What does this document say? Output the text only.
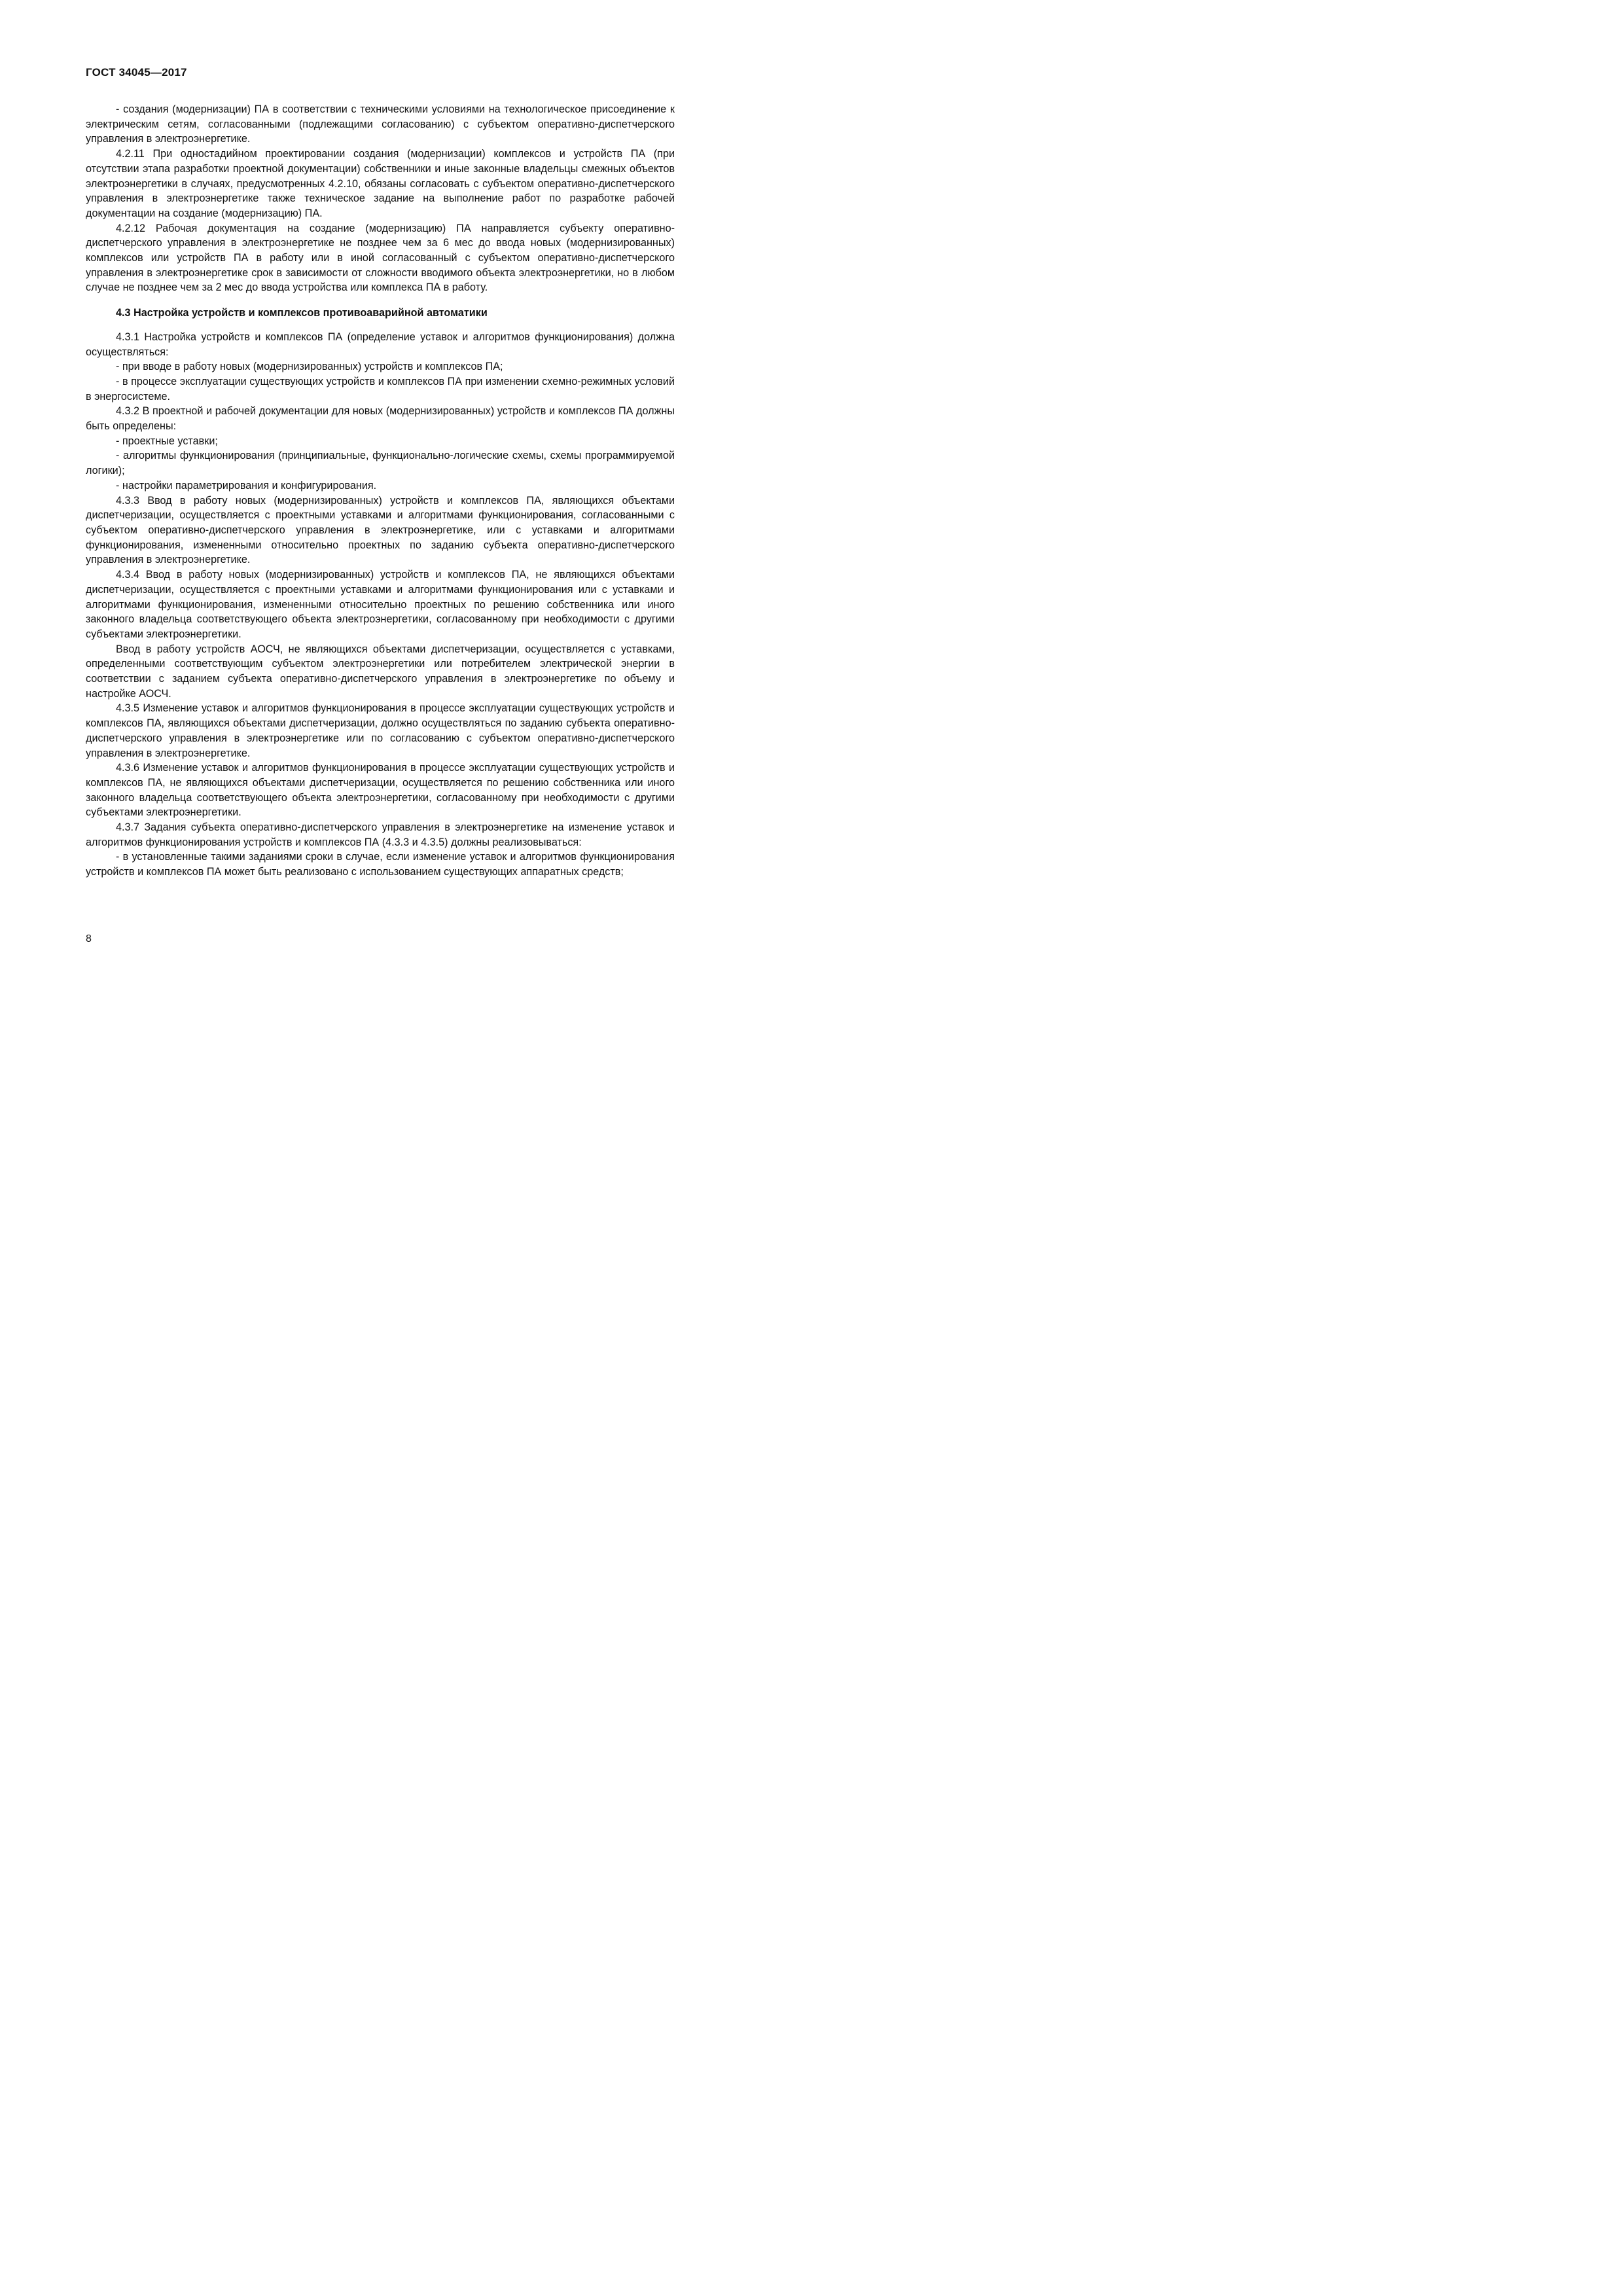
ГОСТ 34045—2017

- создания (модернизации) ПА в соответствии с техническими условиями на технологическое присоединение к электрическим сетям, согласованными (подлежащими согласованию) с субъектом оперативно-диспетчерского управления в электроэнергетике.

4.2.11 При одностадийном проектировании создания (модернизации) комплексов и устройств ПА (при отсутствии этапа разработки проектной документации) собственники и иные законные владельцы смежных объектов электроэнергетики в случаях, предусмотренных 4.2.10, обязаны согласовать с субъектом оперативно-диспетчерского управления в электроэнергетике также техническое задание на выполнение работ по разработке рабочей документации на создание (модернизацию) ПА.

4.2.12 Рабочая документация на создание (модернизацию) ПА направляется субъекту оперативно-диспетчерского управления в электроэнергетике не позднее чем за 6 мес до ввода новых (модернизированных) комплексов или устройств ПА в работу или в иной согласованный с субъектом оперативно-диспетчерского управления в электроэнергетике срок в зависимости от сложности вводимого объекта электроэнергетики, но в любом случае не позднее чем за 2 мес до ввода устройства или комплекса ПА в работу.

4.3 Настройка устройств и комплексов противоаварийной автоматики

4.3.1 Настройка устройств и комплексов ПА (определение уставок и алгоритмов функционирования) должна осуществляться:

- при вводе в работу новых (модернизированных) устройств и комплексов ПА;

- в процессе эксплуатации существующих устройств и комплексов ПА при изменении схемно-режимных условий в энергосистеме.

4.3.2 В проектной и рабочей документации для новых (модернизированных) устройств и комплексов ПА должны быть определены:

- проектные уставки;

- алгоритмы функционирования (принципиальные, функционально-логические схемы, схемы программируемой логики);

- настройки параметрирования и конфигурирования.

4.3.3 Ввод в работу новых (модернизированных) устройств и комплексов ПА, являющихся объектами диспетчеризации, осуществляется с проектными уставками и алгоритмами функционирования, согласованными с субъектом оперативно-диспетчерского управления в электроэнергетике, или с уставками и алгоритмами функционирования, измененными относительно проектных по заданию субъекта оперативно-диспетчерского управления в электроэнергетике.

4.3.4 Ввод в работу новых (модернизированных) устройств и комплексов ПА, не являющихся объектами диспетчеризации, осуществляется с проектными уставками и алгоритмами функционирования или с уставками и алгоритмами функционирования, измененными относительно проектных по решению собственника или иного законного владельца соответствующего объекта электроэнергетики, согласованному при необходимости с другими субъектами электроэнергетики.

Ввод в работу устройств АОСЧ, не являющихся объектами диспетчеризации, осуществляется с уставками, определенными соответствующим субъектом электроэнергетики или потребителем электрической энергии в соответствии с заданием субъекта оперативно-диспетчерского управления в электроэнергетике по объему и настройке АОСЧ.

4.3.5 Изменение уставок и алгоритмов функционирования в процессе эксплуатации существующих устройств и комплексов ПА, являющихся объектами диспетчеризации, должно осуществляться по заданию субъекта оперативно-диспетчерского управления в электроэнергетике или по согласованию с субъектом оперативно-диспетчерского управления в электроэнергетике.

4.3.6 Изменение уставок и алгоритмов функционирования в процессе эксплуатации существующих устройств и комплексов ПА, не являющихся объектами диспетчеризации, осуществляется по решению собственника или иного законного владельца соответствующего объекта электроэнергетики, согласованному при необходимости с другими субъектами электроэнергетики.

4.3.7 Задания субъекта оперативно-диспетчерского управления в электроэнергетике на изменение уставок и алгоритмов функционирования устройств и комплексов ПА (4.3.3 и 4.3.5) должны реализовываться:

- в установленные такими заданиями сроки в случае, если изменение уставок и алгоритмов функционирования устройств и комплексов ПА может быть реализовано с использованием существующих аппаратных средств;

8
